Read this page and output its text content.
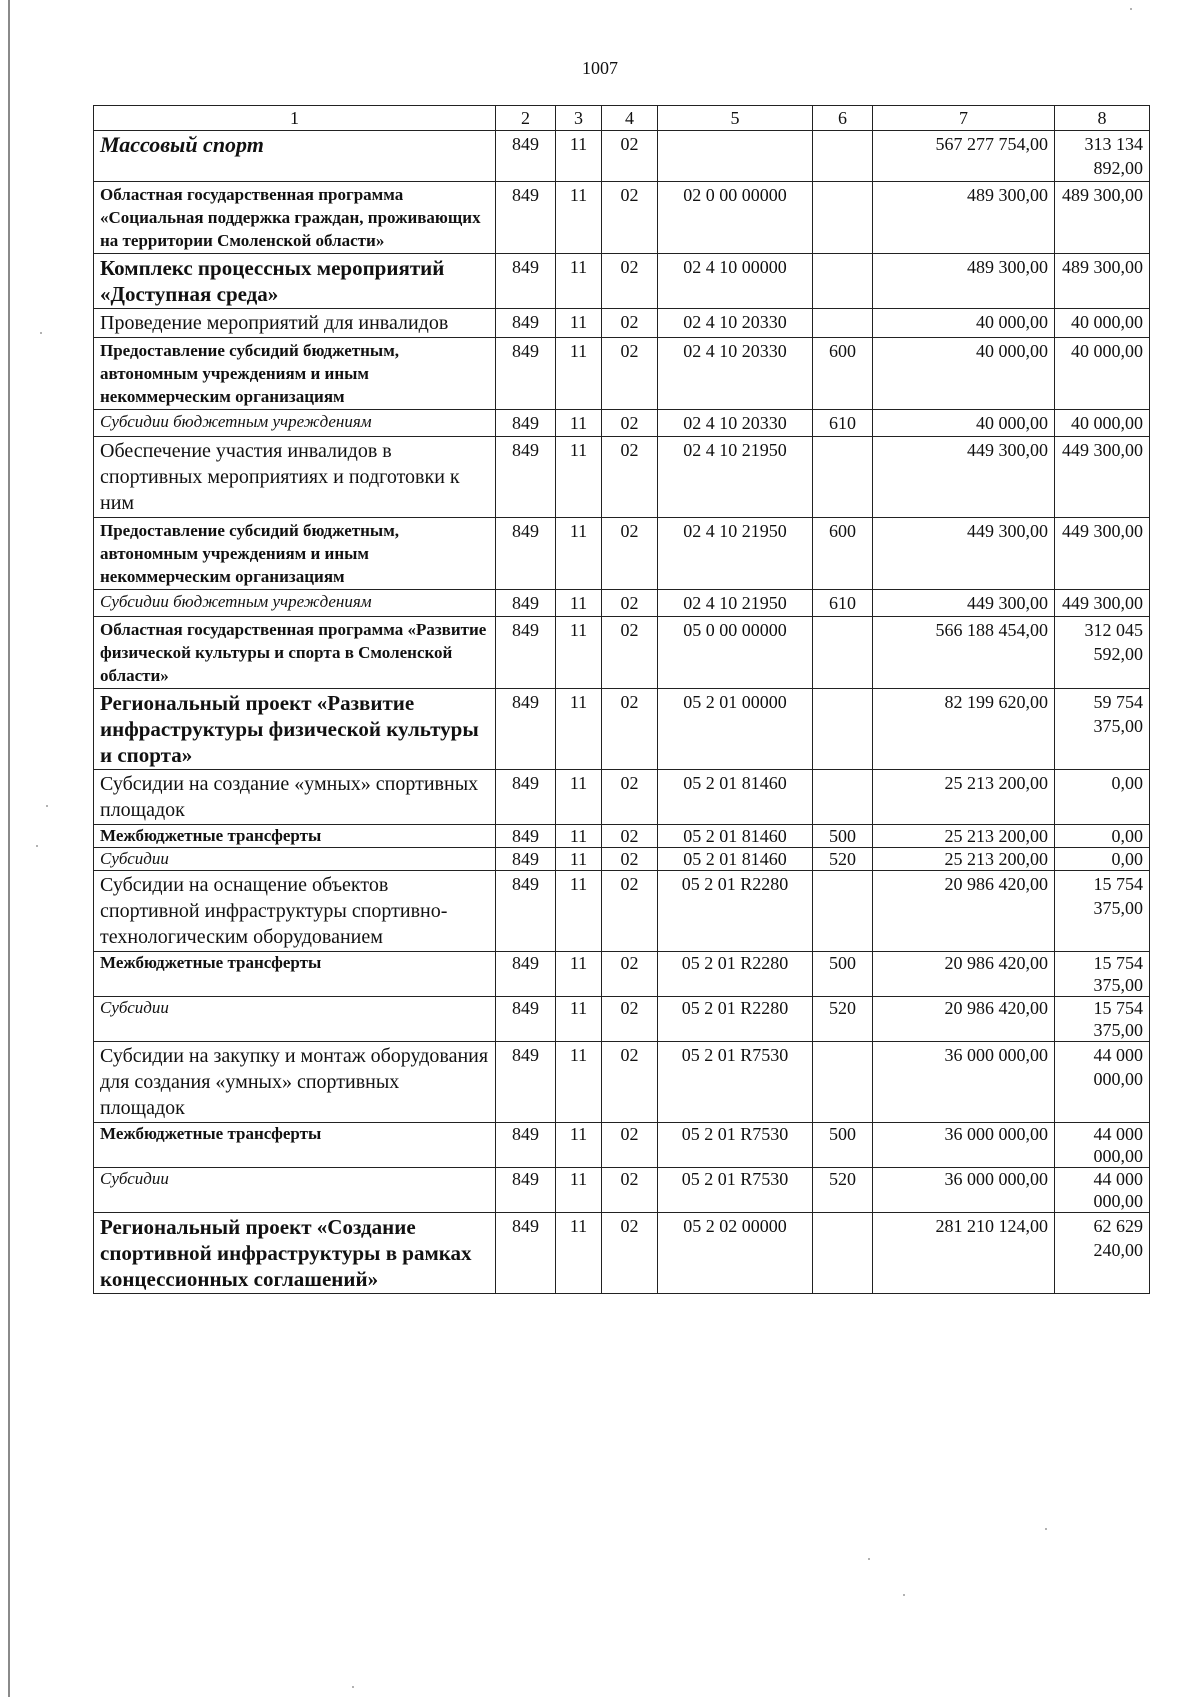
1007
1	2	3	4	5	6	7	8
Массовый спорт	849	11	02			567 277 754,00	313 134 892,00
Областная государственная программа «Социальная поддержка граждан, проживающих на территории Смоленской области»	849	11	02	02 0 00 00000		489 300,00	489 300,00
Комплекс процессных мероприятий «Доступная среда»	849	11	02	02 4 10 00000		489 300,00	489 300,00
Проведение мероприятий для инвалидов	849	11	02	02 4 10 20330		40 000,00	40 000,00
Предоставление субсидий бюджетным, автономным учреждениям и иным некоммерческим организациям	849	11	02	02 4 10 20330	600	40 000,00	40 000,00
Субсидии бюджетным учреждениям	849	11	02	02 4 10 20330	610	40 000,00	40 000,00
Обеспечение участия инвалидов в спортивных мероприятиях и подготовки к ним	849	11	02	02 4 10 21950		449 300,00	449 300,00
Предоставление субсидий бюджетным, автономным учреждениям и иным некоммерческим организациям	849	11	02	02 4 10 21950	600	449 300,00	449 300,00
Субсидии бюджетным учреждениям	849	11	02	02 4 10 21950	610	449 300,00	449 300,00
Областная государственная программа «Развитие физической культуры и спорта в Смоленской области»	849	11	02	05 0 00 00000		566 188 454,00	312 045 592,00
Региональный проект «Развитие инфраструктуры физической культуры и спорта»	849	11	02	05 2 01 00000		82 199 620,00	59 754 375,00
Субсидии на создание «умных» спортивных площадок	849	11	02	05 2 01 81460		25 213 200,00	0,00
Межбюджетные трансферты	849	11	02	05 2 01 81460	500	25 213 200,00	0,00
Субсидии	849	11	02	05 2 01 81460	520	25 213 200,00	0,00
Субсидии на оснащение объектов спортивной инфраструктуры спортивно-технологическим оборудованием	849	11	02	05 2 01 R2280		20 986 420,00	15 754 375,00
Межбюджетные трансферты	849	11	02	05 2 01 R2280	500	20 986 420,00	15 754 375,00
Субсидии	849	11	02	05 2 01 R2280	520	20 986 420,00	15 754 375,00
Субсидии на закупку и монтаж оборудования для создания «умных» спортивных площадок	849	11	02	05 2 01 R7530		36 000 000,00	44 000 000,00
Межбюджетные трансферты	849	11	02	05 2 01 R7530	500	36 000 000,00	44 000 000,00
Субсидии	849	11	02	05 2 01 R7530	520	36 000 000,00	44 000 000,00
Региональный проект «Создание спортивной инфраструктуры в рамках концессионных соглашений»	849	11	02	05 2 02 00000		281 210 124,00	62 629 240,00
